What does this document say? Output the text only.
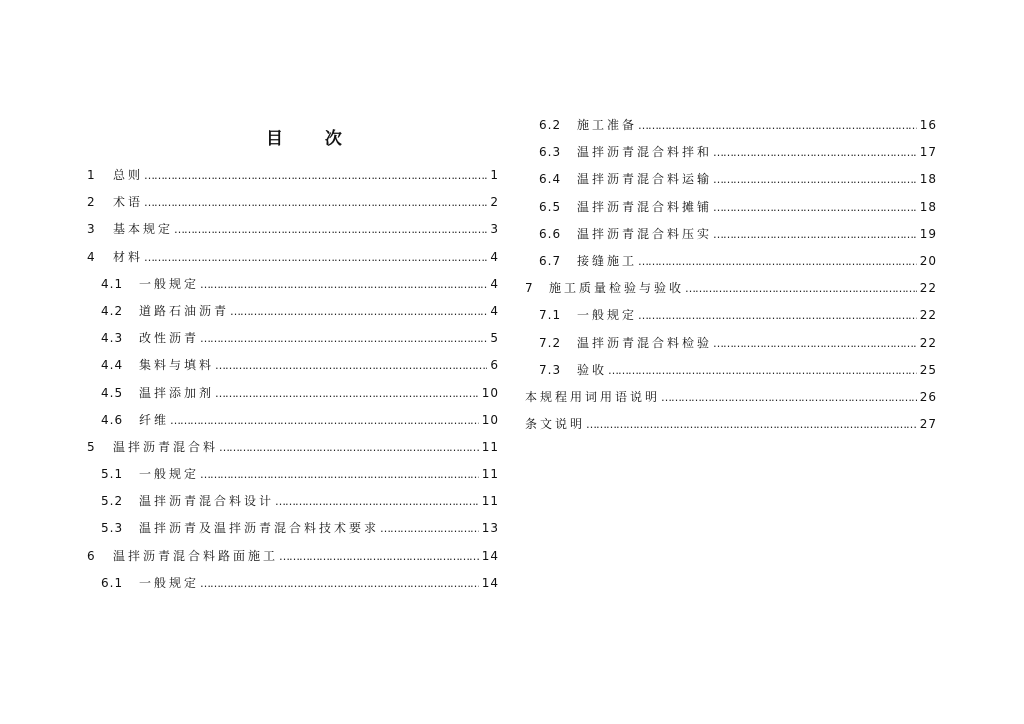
目 次
1	总则 ……………………………………………………………………………………………………………………………………………………………………	1
2	术语 ……………………………………………………………………………………………………………………………………………………………………	2
3	基本规定 ……………………………………………………………………………………………………………………………………………………………………	3
4	材料 ……………………………………………………………………………………………………………………………………………………………………	4
4.1	一般规定 ……………………………………………………………………………………………………………………………………………………………………	4
4.2	道路石油沥青 ……………………………………………………………………………………………………………………………………………………………………	4
4.3	改性沥青 ……………………………………………………………………………………………………………………………………………………………………	5
4.4	集料与填料 ……………………………………………………………………………………………………………………………………………………………………	6
4.5	温拌添加剂 ……………………………………………………………………………………………………………………………………………………………………	10
4.6	纤维 ……………………………………………………………………………………………………………………………………………………………………	10
5	温拌沥青混合料 ……………………………………………………………………………………………………………………………………………………………………	11
5.1	一般规定 ……………………………………………………………………………………………………………………………………………………………………	11
5.2	温拌沥青混合料设计 ……………………………………………………………………………………………………………………………………………………………………	11
5.3	温拌沥青及温拌沥青混合料技术要求 ……………………………………………………………………………………………………………………………………………………………………	13
6	温拌沥青混合料路面施工 ……………………………………………………………………………………………………………………………………………………………………	14
6.1	一般规定 ……………………………………………………………………………………………………………………………………………………………………	14
6.2	施工准备 ……………………………………………………………………………………………………………………………………………………………………	16
6.3	温拌沥青混合料拌和 ……………………………………………………………………………………………………………………………………………………………………	17
6.4	温拌沥青混合料运输 ……………………………………………………………………………………………………………………………………………………………………	18
6.5	温拌沥青混合料摊铺 ……………………………………………………………………………………………………………………………………………………………………	18
6.6	温拌沥青混合料压实 ……………………………………………………………………………………………………………………………………………………………………	19
6.7	接缝施工 ……………………………………………………………………………………………………………………………………………………………………	20
7	施工质量检验与验收 ……………………………………………………………………………………………………………………………………………………………………	22
7.1	一般规定 ……………………………………………………………………………………………………………………………………………………………………	22
7.2	温拌沥青混合料检验 ……………………………………………………………………………………………………………………………………………………………………	22
7.3	验收 ……………………………………………………………………………………………………………………………………………………………………	25
本规程用词用语说明 ……………………………………………………………………………………………………………………………………………………………………	26
条文说明 ……………………………………………………………………………………………………………………………………………………………………	27
